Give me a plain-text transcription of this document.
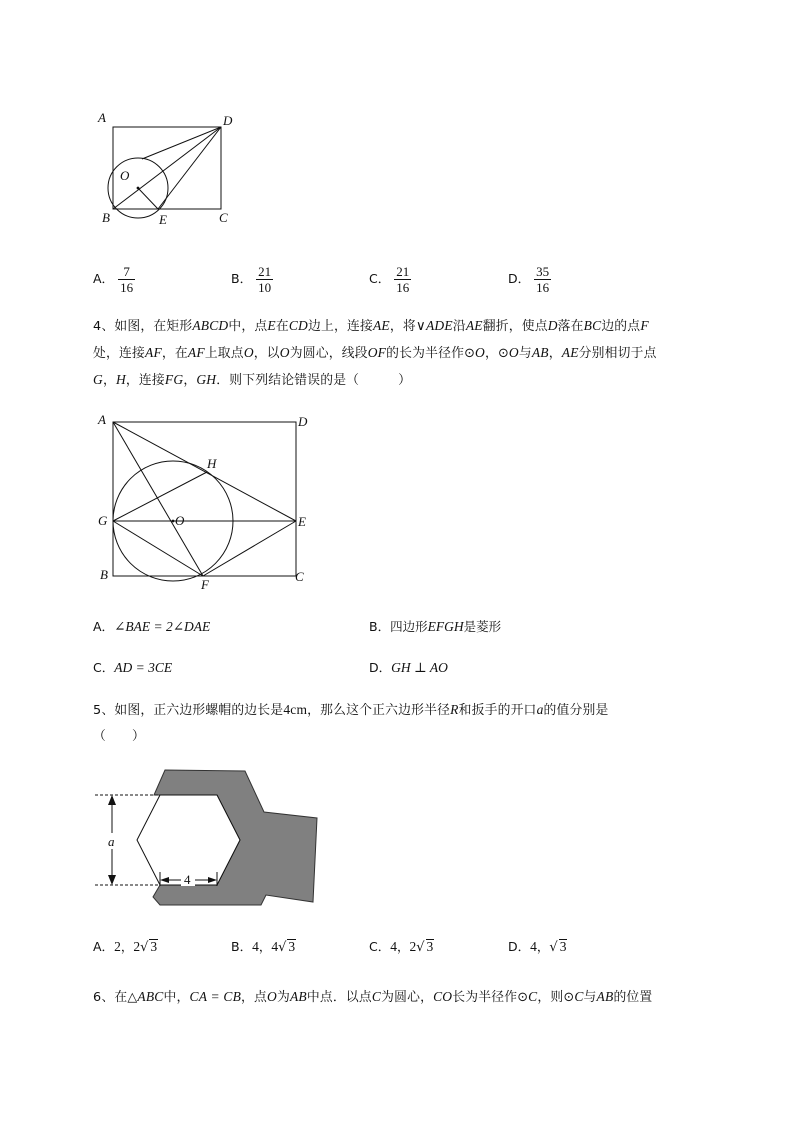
A	D
O
B	E	C
A． $\frac{7}{16}$	B． $\frac{21}{10}$	C． $\frac{21}{16}$	D． $\frac{35}{16}$
4、如图，在矩形ABCD中，点E在CD边上，连接AE，将∨ADE沿AE翻折，使点D落在BC边的点F
处，连接AF，在AF上取点O，以O为圆心，线段OF的长为半径作⊙O，⊙O与AB，AE分别相切于点
G，H，连接FG，GH．则下列结论错误的是（　　　）
A	D
H
G	O	E
B
F
C
A．∠BAE = 2∠DAE	B．四边形EFGH是菱形
C．AD = 3CE	D．GH ⊥ AO
5、如图，正六边形螺帽的边长是4cm，那么这个正六边形半径R和扳手的开口a的值分别是
（　　）
a
4
A．2，2√ 3	B．4，4√ 3	C．4，2√ 3	D．4，√ 3
6、在△ABC中，CA = CB，点O为AB中点．以点C为圆心，CO长为半径作⊙C，则⊙C与AB的位置
